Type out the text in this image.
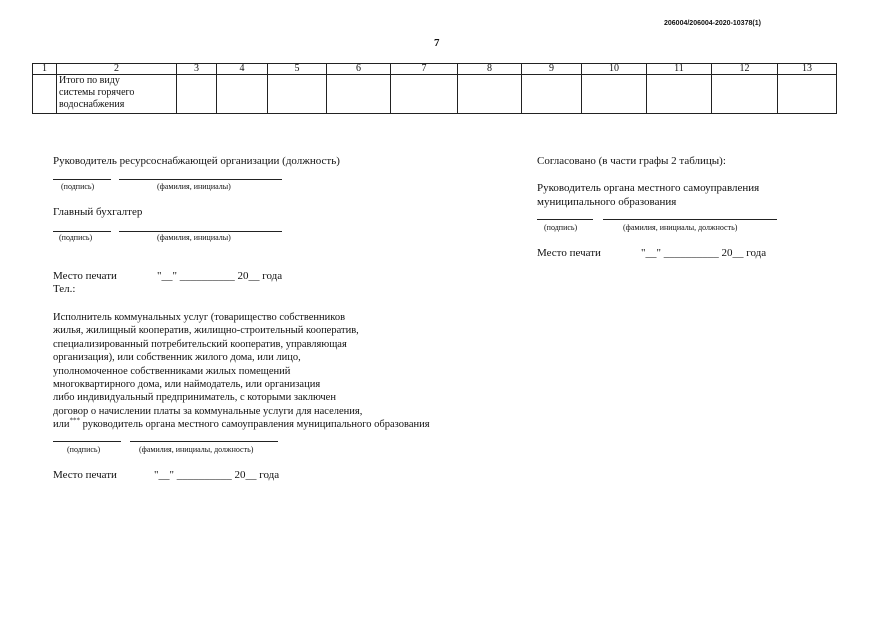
206004/206004-2020-10378(1)
7
1	2	3	4	5	6	7	8	9	10	11	12	13

	Итого по виду
системы горячего
водоснабжения											

Руководитель ресурсоснабжающей организации (должность)
(подпись)	(фамилия, инициалы)
Главный бухгалтер
(подпись)	(фамилия, инициалы)
Место печати	"__" __________ 20__ года
Тел.:
Исполнитель коммунальных услуг (товарищество собственников
жилья, жилищный кооператив, жилищно-строительный кооператив,
специализированный потребительский кооператив, управляющая
организация), или собственник жилого дома, или лицо,
уполномоченное собственниками жилых помещений
многоквартирного дома, или наймодатель, или организация
либо индивидуальный предприниматель, с которыми заключен
договор о начислении платы за коммунальные услуги для населения,
или*** руководитель органа местного самоуправления муниципального образования
(подпись)	(фамилия, инициалы, должность)
Место печати	"__" __________ 20__ года
Согласовано (в части графы 2 таблицы):
Руководитель органа местного самоуправления
муниципального образования
(подпись)	(фамилия, инициалы, должность)
Место печати	"__" __________ 20__ года
